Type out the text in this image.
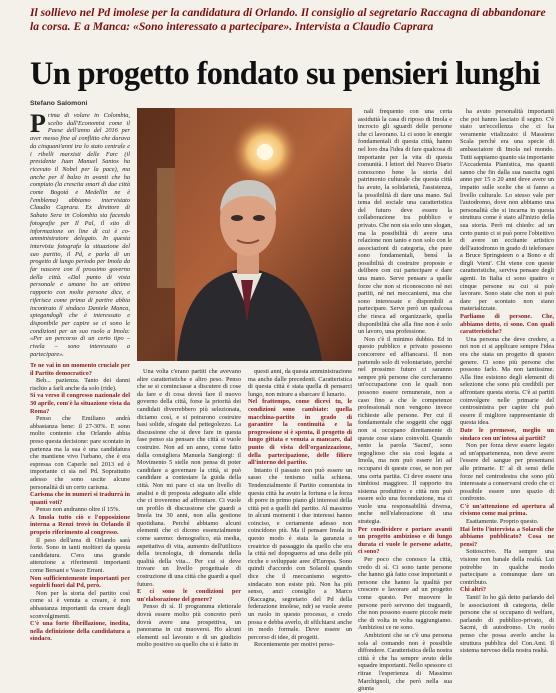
Il sollievo nel Pd imolese per la candidatura di Orlando. Il consiglio al segretario Raccagna di abbandonare la corsa. E a Manca: «Sono interessato a partecipare». Intervista a Claudio Caprara

Un progetto fondato su pensieri lunghi
Stefano Salomoni

Prima di volare in Colombia, scelto dall'Economist come il Paese dell'anno del 2016 per aver messo fine al conflitto che durava da cinquant'anni tra lo stato centrale e i ribelli marxisti delle Farc (il presidente Juan Manuel Santos ha ricevuto il Nobel per la pace), ma anche per il balzo in avanti che ha compiuto (la crescita smart di due città come Bogotà e Medellin ne è l'emblema) abbiamo intervistato Claudio Caprara. Ex direttore di Sabato Sera in Colombia sta facendo fotografie per Il Pal, il sito di informazione on line di cui è co-amministratore delegato. In questa intervista fotografa la situazione del suo partito, il Pd, e parla di un progetto di lungo periodo per Imola da far nascere con il prossimo governo della città. «Dal punto di vista personale e umano ho un ottimo rapporto con molte persone dice, e riferisce come prima di partire abbia incontrato il sindaco Daniele Manca, spiegandogli che è interessato e disponibile per capire se ci sono le condizioni per un suo ruolo a Imola: «Per un percorso di un certo tipo – rivela – sono interessato a partecipare».

Te ne vai in un momento cruciale per il Partito democratico?

Beh... pazienza. Tanto dei danni rischio a farli anche da solo (ride).

Si va verso il congresso nazionale del 30 aprile, com'è la situazione vista da Roma?

Penso che Emiliano andrà abbastanza bene: il 27-30%. E sono molto contento che Orlando abbia preso questa decisione: pare scontato in partenza ma la sua è una candidatura che mantiene vivo l'urbano, che è era espressa con Caperle nel 2013 ed è importante ci sia nel Pd. Soprattutto adesso che sono uscite alcune personalità di un certo carisma.

Carisma che in numeri si tradurrà in quanti voti?

Penso non andranno oltre il 15%.

A Imola tutto ciò e l'opposizione interna a Renzi trovò in Orlando il proprio riferimento al congresso.

Il peso dell'area di Orlando sarà forte. Sono in tanti moltiori da questa candidatura. C'era una grande attenzione a riferimenti importanti come Bersani e Vasco Errani.

Non sufficientemente importanti per seguirli fuori dal Pd, però.

Non per la storia del partito così come si è venuta a creare, è non abbastanza importanti da creare degli sconvolgimenti.

C'è una forte fibrillazione, inedita, nella definizione della candidatura a sindaco.

Una volta c'erano partiti che avevano altre caratteristiche e altro peso. Penso che se si cominciasse a discutere di cose da fare e di cosa dovrà fare il nuovo governo della città, forse la priorità dei candidati diverrebbero più selezionata, diciamo così, e si potrarono costruire basi solide, sfogate dal pettegolezzo. La discussione che si deve fare in questa fase penso sia pensare che città si vuole costruire. Non ad un anno, come fatto dalla consigliera Manuela Sangiorgi: il Movimento 5 stelle non pensa di poter candidare a governare la città, si può candidare a contestare la guida della città. Non mi pare ci sia un livello di analisi e di proposta adeguato alle sfide che ci troveremo ad affrontare. Ci vuole un profilo di discussione che guardi a Imola tra 30 anni, non alla gestione quotidiana. Perché abbiamo alcuni elementi che ci dicono essenzialmente come saremo: demografico, età media, aspettativa di vita, aumento dell'utilizzo della tecnologia, di domanda della qualità della vita... Per cui si deve trovare un livello progettuale di costruzione di una città che guardi a quel futuro.

E ci sono le condizioni per un'elaborazione del genere?

Penso di sì. Il programma elettorale dovrà essere molto più concreto però dovrà avere una prospettiva, un panorama in cui muoversi. Ho alcuni elementi sul lavorato e di un giudizio molto positivo su quello che si è fatto in

questi anni, da questa amministrazione ma anche dalle precedenti. Caratteristica di questa città è stata quella di pensarci lungo, non mirare a sbarcare il lunario.

Nel frattempo, come dicevi tu, le condizioni sono cambiate: quella macchina-partito in grado di garantire la continuità e la progressione si è spenta, il progetto di lungo gittata e venuta a mancare, dal punto di vista dell'organizzazione, della partecipazione, delle filiere all'interno del partito.

Intanto il passato non può essere un sasso che tenismo sulla schiena. Tendenzialmente il Partito comunista in questa città ha avuto la fortuna e la forza di porre in primo piano gli interessi della città poi a quelli del partito. Al massimo in alcuni momenti i due interessi hanno coinciso, e certamente adesso non coincidono più. Ma il pensare Imola in questo modo è stata la garanzia e creatrice di passaggio da quello che era la città nel dopoguerra ad una delle più ricche e sviluppate aree d'Europa. Sono quindi d'accordo con Solaroli quando dice che il meccanismo segreto-sindacato non esiste più. Non ha più senso, anzi consiglio a Marco (Raccagna, segretario del Pd della federazione imolese, ndr) se vuole avere un ruolo in questo processo, e credo possa e debba averlo, di sfilchiarsi anche in modo formale. Deve essere un percorso di idee, di progetti.

Recentemente per motivi perso-

nali frequento con una certa assiduità la casa di riposo di Imola e incrocio gli sguardi delle persone che ci lavorano. Li ci sono le energie fondamentali di questa città, hanno nel loro dna l'idea di fare qualcosa di importante per la vita di questa comunità. I lettori del Nuovo Diario conoscono bene la storia del patrimonio culturale che questa città ha avuto, la solidarietà, l'assistenza, la possibilità di dare una mano. Sul tema del sociale una caratteristica del futuro deve essere la collaborazione tra pubblico e privato. Che non sia solo uno slogan, ma la possibilità di avere una relazione non tanto e non solo con le associazioni di categoria, che pure sono fondamentali, bensì la possibilità di costruire proposte e delibere con cui partecipare e dare una mano. Serve pensare a quelle forze che non si riconoscono né nei partiti, né nei meccanismi, ma che sono interessate e disponibili a partecipare. Serve però un qualcosa che riesca ad organizzarle, quella disponibilità che alla fine non è solo un lavoro, una professione.

Non c'è il minimo dubbio. Ed in questo pubblico e privato possono concorrere ed affiancarsi. Il non partendo solo di volontariato, perché nel prossimo futuro ci saranno sempre più persone che cercheranno un'occupazione con le quali non possono essere remunerate, non a caso fino a che le competenze professionali non vengono invece richieste alle persone. Per cui il fondamentale che soggetti che oggi non si occupano direttamente di queste cose siano coinvolti. Quando sento la parola 'Sacmi', sono orgoglioso che sia così legata a Imola, ma non può essere lei ad occuparsi di queste cose, se non per una certa partita. Ci deve essere una simbiosi maggiore. Il rapporto tra sistema produttivo e città non può essere solo una fecondazione, ma ci vuole una responsabilità diversa, anche nell'elaborazione di una strategia.

Per condividere e portare avanti un progetto ambizioso e di lungo durata ci vuole le persone adatte, ci sono?

Per poco che conosco la città, credo di sì. Ci sono tante persone che hanno già fatto cose importanti e persone che hanno la qualità per crescere e lavorare ad un progetto come questo. Per muovere le persone però servono dei traguardi, che non possono essere piccole mete che di volta in volta raggiungiamo. Ambiziosi ce ne sono.

Ambizioni che se c'è una persona sola al comando non è possibile diffondere. Caratteristica della nostra città è che ha sempre avuto delle squadre importanti. Nello spessore ci ritrae l'esperienza di Massimo Marchignoli, che però nella sua giunta

ha avuto personalità importanti che poi hanno lasciato il segno. C'è stato un'eccellenza che ci ha veramente vitalizzato: il Massimo Scala perché era una specie di ambasciatore di Imola nel mondo. Tutti sappiamo quanto sia importante l'Accademia Pianistica, ma quanti sanno che fin dalla sua nascita ogni anno per 15 o 20 anni deve avere un impatto sulle scelte che si fanno a livello culturale. Lo stesso vale per l'autodromo, dove non abbiamo una personalità che si incarna in questa struttura come è stato all'inizio della sua storia. Però mi chiedo: ad un certo punto ci si può porre l'obiettivo di avere un eccitante artistico dell'autodromo in grado di telefonare a Bruce Springsteen o a Bono e di dirgli 'vieni'. Chi viene con queste caratteristiche, serviva pensare degli agenti. In Italia ci sono quattro o cinque persone su cui si può lavorare. Sono state che non si può dare per scontato non siano materializzate.

Parliamo di persone. Che, abbiamo detto, ci sono. Con quali caratteristiche?

Una persona che deve credere, a noi non ci si applicare sempre l'idea era che stata un progetto di questo genere. Ci sono più persone che possono farlo. Ma non tantissime. Alla fine esistono degli elementi di selezione che sono più credibili per affrontare questa storia. C'è ai partiti coinvolgere nelle primarie del centrosinistra per capire chi può essere il migliore rappresentante di questa idea.

Date le premesse, meglio un sindaco con un'intesa ai partiti?

Non per forza deve essere legato ad un'appartenenza, non deve avere l'essere del sangue per presentarsi alle primarie. E' al di sensi delle forze nel centrodestra che sono più interessate a conservarsi credo che ci possibile essere uno spazio di confronto.

C'è un'attenzione ed apertura al civismo come mai prima.

Esattamente. Proprio questo.

Hai letto l'intervista a Solaroli che abbiamo pubblicato? Cosa ne pensi?

Sottoscrivo. Ha sempre una visione non banale della realtà. Lui potrebbe in qualche modo partecipare a comunque dare un contributo.

Chi altri?

Tanti! Io ho già detto parlando del le associazioni di categoria, delle persone che si occupano di welfare, parlando di pubblico-privato, di Sacmi, di autodromo. Un ruolo penso che possa averlo anche la struttura pubblica del Con.Ami. Il sistema nervoso della nostra realtà.
